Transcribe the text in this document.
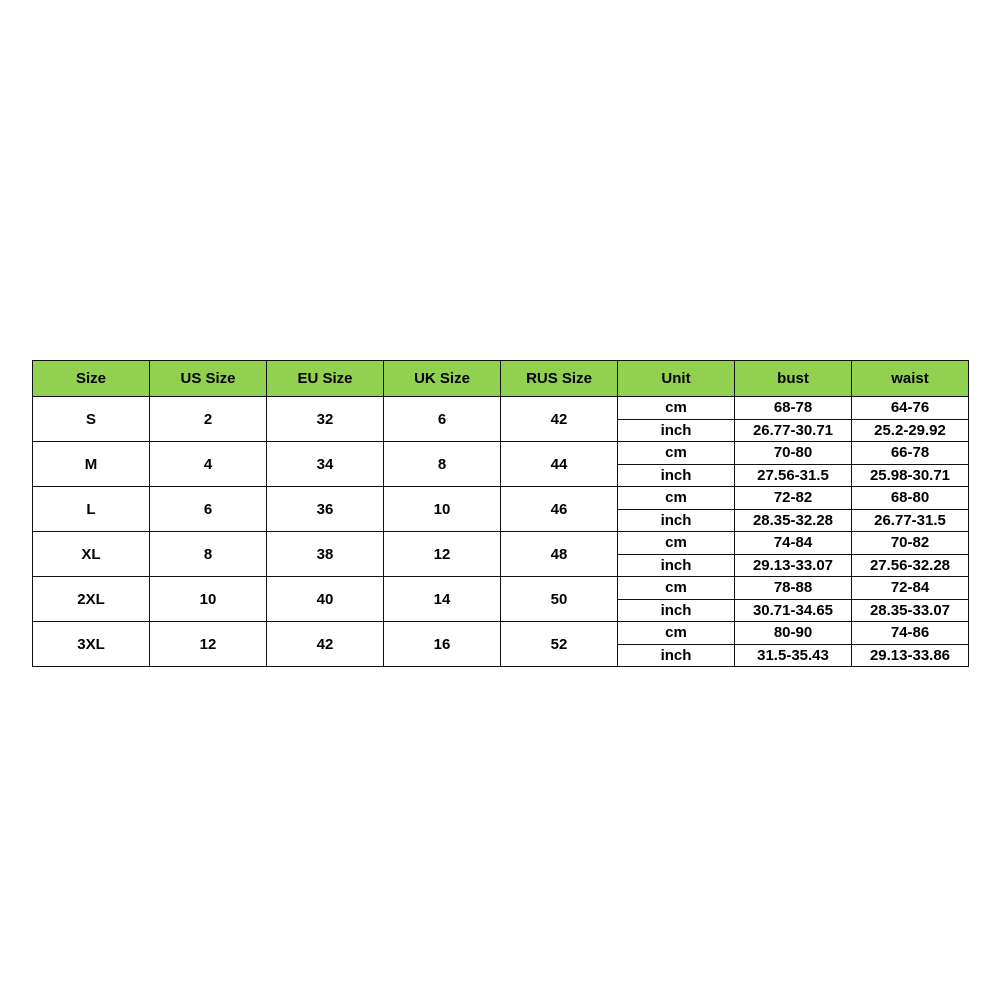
Size	US Size	EU Size	UK Size	RUS Size	Unit	bust	waist
S	2	32	6	42	cm	68-78	64-76
					inch	26.77-30.71	25.2-29.92
M	4	34	8	44	cm	70-80	66-78
					inch	27.56-31.5	25.98-30.71
L	6	36	10	46	cm	72-82	68-80
					inch	28.35-32.28	26.77-31.5
XL	8	38	12	48	cm	74-84	70-82
					inch	29.13-33.07	27.56-32.28
2XL	10	40	14	50	cm	78-88	72-84
					inch	30.71-34.65	28.35-33.07
3XL	12	42	16	52	cm	80-90	74-86
					inch	31.5-35.43	29.13-33.86
